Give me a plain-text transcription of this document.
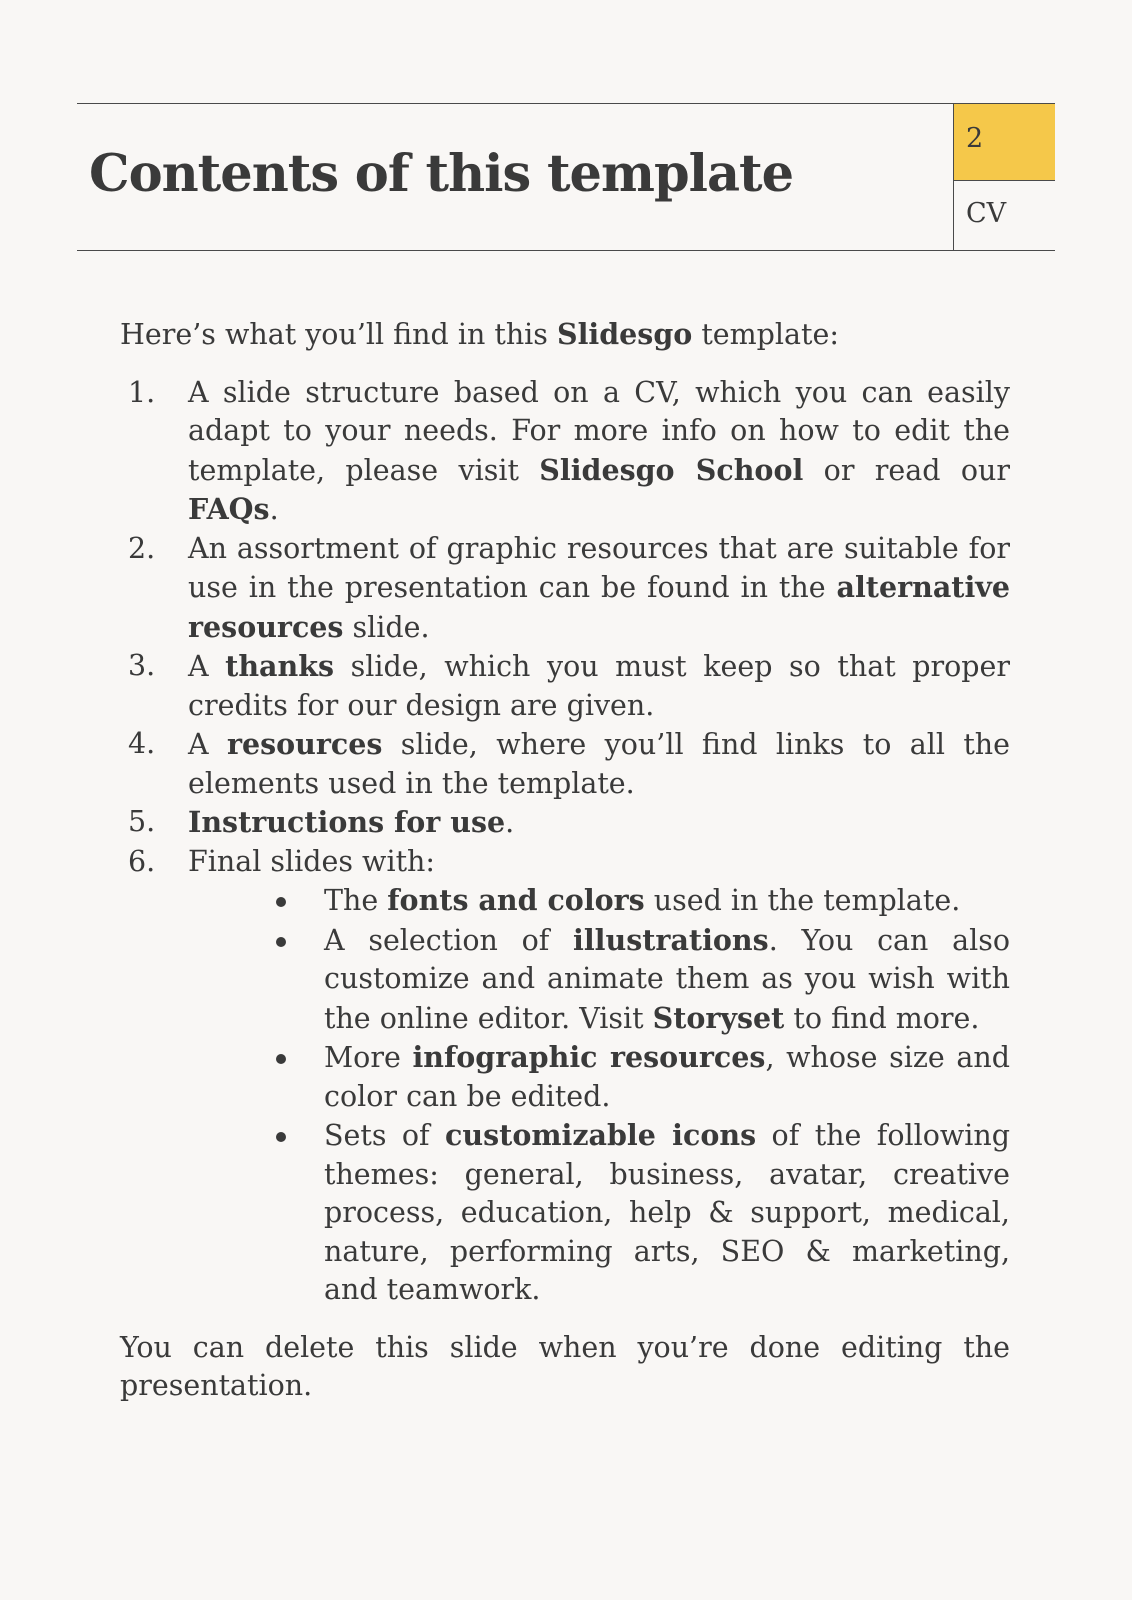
Contents of this template
2
CV

Here’s what you’ll find in this Slidesgo template:

1.	A slide structure based on a CV, which you can easily adapt to your needs. For more info on how to edit the template, please visit Slidesgo School or read our FAQs.
2.	An assortment of graphic resources that are suitable for use in the presentation can be found in the alternative resources slide.
3.	A thanks slide, which you must keep so that proper credits for our design are given.
4.	A resources slide, where you’ll find links to all the elements used in the template.
5.	Instructions for use.
6.	Final slides with:
The fonts and colors used in the template.
A selection of illustrations. You can also customize and animate them as you wish with the online editor. Visit Storyset to find more.
More infographic resources, whose size and color can be edited.
Sets of customizable icons of the following themes: general, business, avatar, creative process, education, help & support, medical, nature, performing arts, SEO & marketing, and teamwork.

You can delete this slide when you’re done editing the presentation.
